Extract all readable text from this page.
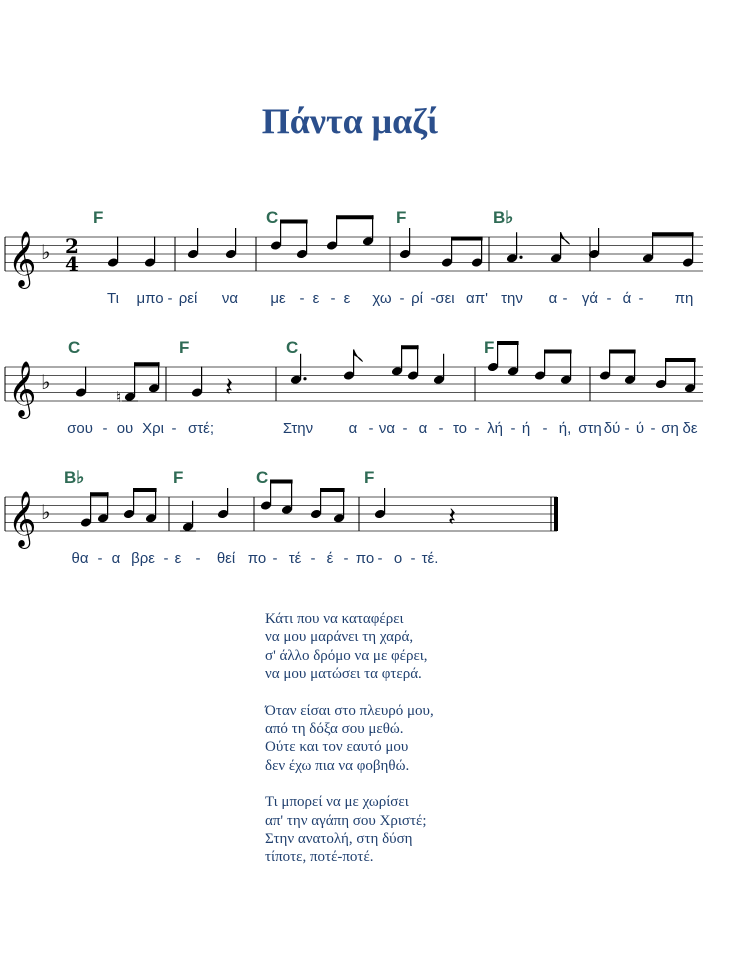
Πάντα μαζί
𝄞 ♭ 2
4
F	C	F	B♭
Τι μπο - ρεί να με - ε - ε χω - ρί - σει απ' την α - γά - ά - πη
𝄞 ♭
C	F	C	F
♮	𝄽
σου - ου Χρι - στέ;	Στην α - να - α - το - λή - ή - ή, στη δύ - ύ - ση δε
𝄞 ♭
B♭	F	C	F
𝄽
θα - α βρε - ε - θεί πο - τέ - έ - πο - ο - τέ.
Κάτι που να καταφέρει
να μου μαράνει τη χαρά,
σ' άλλο δρόμο να με φέρει,
να μου ματώσει τα φτερά.
Όταν είσαι στο πλευρό μου,
από τη δόξα σου μεθώ.
Ούτε και τον εαυτό μου
δεν έχω πια να φοβηθώ.
Τι μπορεί να με χωρίσει
απ' την αγάπη σου Χριστέ;
Στην ανατολή, στη δύση
τίποτε, ποτέ-ποτέ.
